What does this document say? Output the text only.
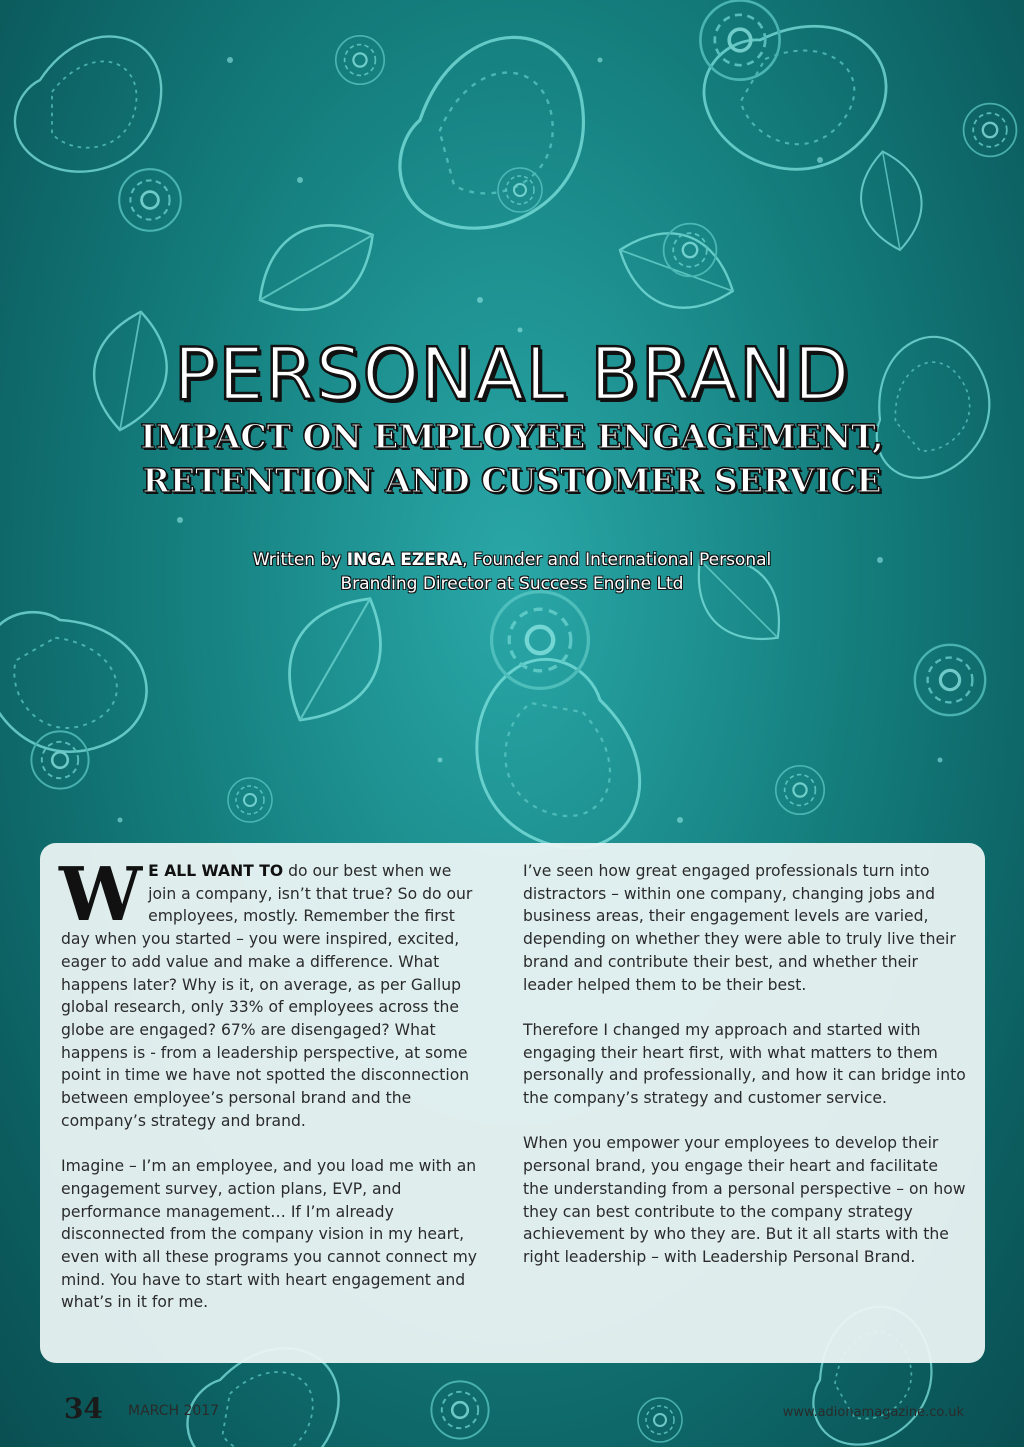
PERSONAL BRAND
IMPACT ON EMPLOYEE ENGAGEMENT,
RETENTION AND CUSTOMER SERVICE
Written by INGA EZERA, Founder and International Personal
Branding Director at Success Engine Ltd

W E ALL WANT TO do our best when we join a company, isn’t that true? So do our employees, mostly. Remember the first day when you started – you were inspired, excited, eager to add value and make a difference. What happens later? Why is it, on average, as per Gallup global research, only 33% of employees across the globe are engaged? 67% are disengaged? What happens is - from a leadership perspective, at some point in time we have not spotted the disconnection between employee’s personal brand and the company’s strategy and brand.

Imagine – I’m an employee, and you load me with an engagement survey, action plans, EVP, and performance management… If I’m already disconnected from the company vision in my heart, even with all these programs you cannot connect my mind. You have to start with heart engagement and what’s in it for me.

I’ve seen how great engaged professionals turn into distractors – within one company, changing jobs and business areas, their engagement levels are varied, depending on whether they were able to truly live their brand and contribute their best, and whether their leader helped them to be their best.

Therefore I changed my approach and started with engaging their heart first, with what matters to them personally and professionally, and how it can bridge into the company’s strategy and customer service.

When you empower your employees to develop their personal brand, you engage their heart and facilitate the understanding from a personal perspective – on how they can best contribute to the company strategy achievement by who they are. But it all starts with the right leadership – with Leadership Personal Brand.

34 MARCH 2017	www.adionamagazine.co.uk
